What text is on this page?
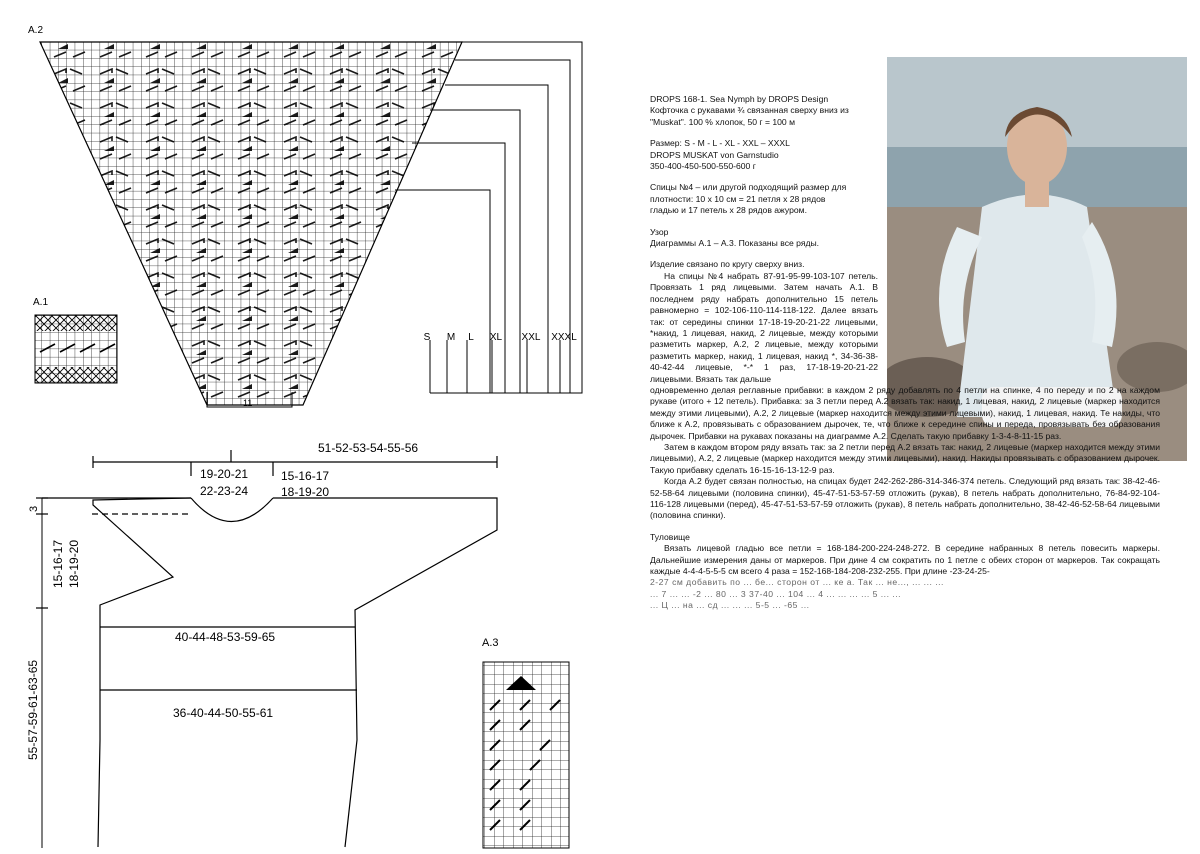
A.2
S M L XL XXL XXXL
11
A.1
51-52-53-54-55-56
19-20-21
22-23-24
15-16-17
18-19-20
40-44-48-53-59-65
36-40-44-50-55-61
3
15-16-17 18-19-20
55-57-59-61-63-65
A.3

DROPS 168-1. Sea Nymph by DROPS Design

Кофточка с рукавами ¾ связанная сверху вниз из

"Muskat". 100 % хлопок, 50 г = 100 м

Размер: S - M - L - XL - XXL – XXXL

DROPS MUSKAT von Garnstudio

350-400-450-500-550-600 г

Спицы №4 – или другой подходящий размер для

плотности: 10 х 10 см = 21 петля х 28 рядов

гладью и 17 петель х 28 рядов ажуром.

Узор

Диаграммы А.1 – А.3. Показаны все ряды.

Изделие связано по кругу сверху вниз.

На спицы №4 набрать 87-91-95-99-103-107 петель. Провязать 1 ряд лицевыми. Затем начать А.1. В последнем ряду набрать дополнительно 15 петель равномерно = 102-106-110-114-118-122. Далее вязать так: от середины спинки 17-18-19-20-21-22 лицевыми, *накид, 1 лицевая, накид, 2 лицевые, между которыми разметить маркер, А.2, 2 лицевые, между которыми разметить маркер, накид, 1 лицевая, накид *, 34-36-38-40-42-44 лицевые, *-* 1 раз, 17-18-19-20-21-22 лицевыми. Вязать так дальше

одновременно делая реглавные прибавки: в каждом 2 ряду добавлять по 4 петли на спинке, 4 по переду и по 2 на каждом рукаве (итого + 12 петель). Прибавка: за 3 петли перед А.2 вязать так: накид, 1 лицевая, накид, 2 лицевые (маркер находится между этими лицевыми), А.2, 2 лицевые (маркер находится между этими лицевыми), накид, 1 лицевая, накид. Те накиды, что ближе к А.2, провязывать с образованием дырочек, те, что ближе к середине спины и переда, провязывать без образования дырочек. Прибавки на рукавах показаны на диаграмме А.2. Сделать такую прибавку 1-3-4-8-11-15 раз.

Затем в каждом втором ряду вязать так: за 2 петли перед А.2 вязать так: накид, 2 лицевые (маркер находится между этими лицевыми), А.2, 2 лицевые (маркер находится между этими лицевыми), накид. Накиды провязывать с образованием дырочек. Такую прибавку сделать 16-15-16-13-12-9 раз.

Когда А.2 будет связан полностью, на спицах будет 242-262-286-314-346-374 петель. Следующий ряд вязать так: 38-42-46-52-58-64 лицевыми (половина спинки), 45-47-51-53-57-59 отложить (рукав), 8 петель набрать дополнительно, 76-84-92-104-116-128 лицевыми (перед), 45-47-51-53-57-59 отложить (рукав), 8 петель набрать дополнительно, 38-42-46-52-58-64 лицевыми (половина спинки).

Туловище

Вязать лицевой гладью все петли = 168-184-200-224-248-272. В середине набранных 8 петель повесить маркеры. Дальнейшие измерения даны от маркеров. При дине 4 см сократить по 1 петле с обеих сторон от маркеров. Так сокращать каждые 4-4-4-5-5-5 см всего 4 раза = 152-168-184-208-232-255. При длине -23-24-25-

2-27 см добавить по ... бе... сторон от ... ке а. Так ... не..., ... ... ...

... 7 ... ... -2 ... 80 ... 3 37-40 ... 104 ... 4 ... ... ... ... 5 ... ...

... Ц ... на ... сд ... ... ... 5-5 ... -65 ...
